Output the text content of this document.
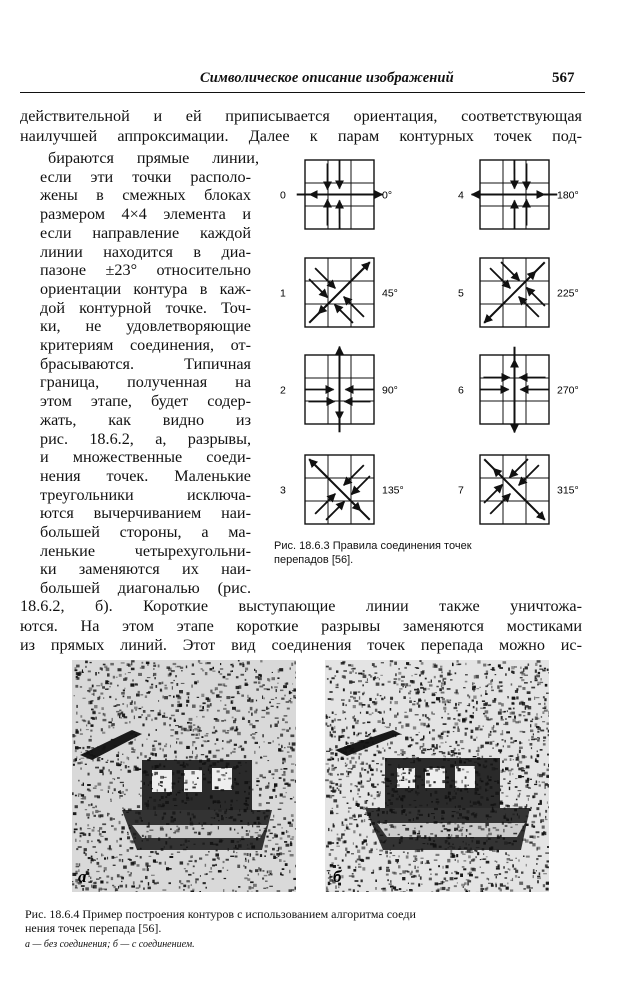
Символическое описание изображений	567
действительной и ей приписывается ориентация, соответствующая
наилучшей аппроксимации. Далее к парам контурных точек под-
бираются прямые линии,
если эти точки располо-
жены в смежных блоках
размером 4×4 элемента и
если направление каждой
линии находится в диа-
пазоне ±23° относительно
ориентации контура в каж-
дой контурной точке. Точ-
ки, не удовлетворяющие
критериям соединения, от-
брасываются. Типичная
граница, полученная на
этом этапе, будет содер-
жать, как видно из
рис. 18.6.2, а, разрывы,
и множественные соеди-
нения точек. Маленькие
треугольники исключа-
ются вычерчиванием наи-
большей стороны, а ма-
ленькие четырехугольни-
ки заменяются их наи-
большей диагональю (рис.
18.6.2, б). Короткие выступающие линии также уничтожа-
ются. На этом этапе короткие разрывы заменяются мостиками
из прямых линий. Этот вид соединения точек перепада можно ис-
0	0°	4	180°
1	45°	5	225°
2	90°	6	270°
3	135°	7	315°
Рис. 18.6.3 Правила соединения точек
перепадов [56].
а	б
Рис. 18.6.4 Пример построения контуров с использованием алгоритма соеди
нения точек перепада [56].
а — без соединения; б — с соединением.
